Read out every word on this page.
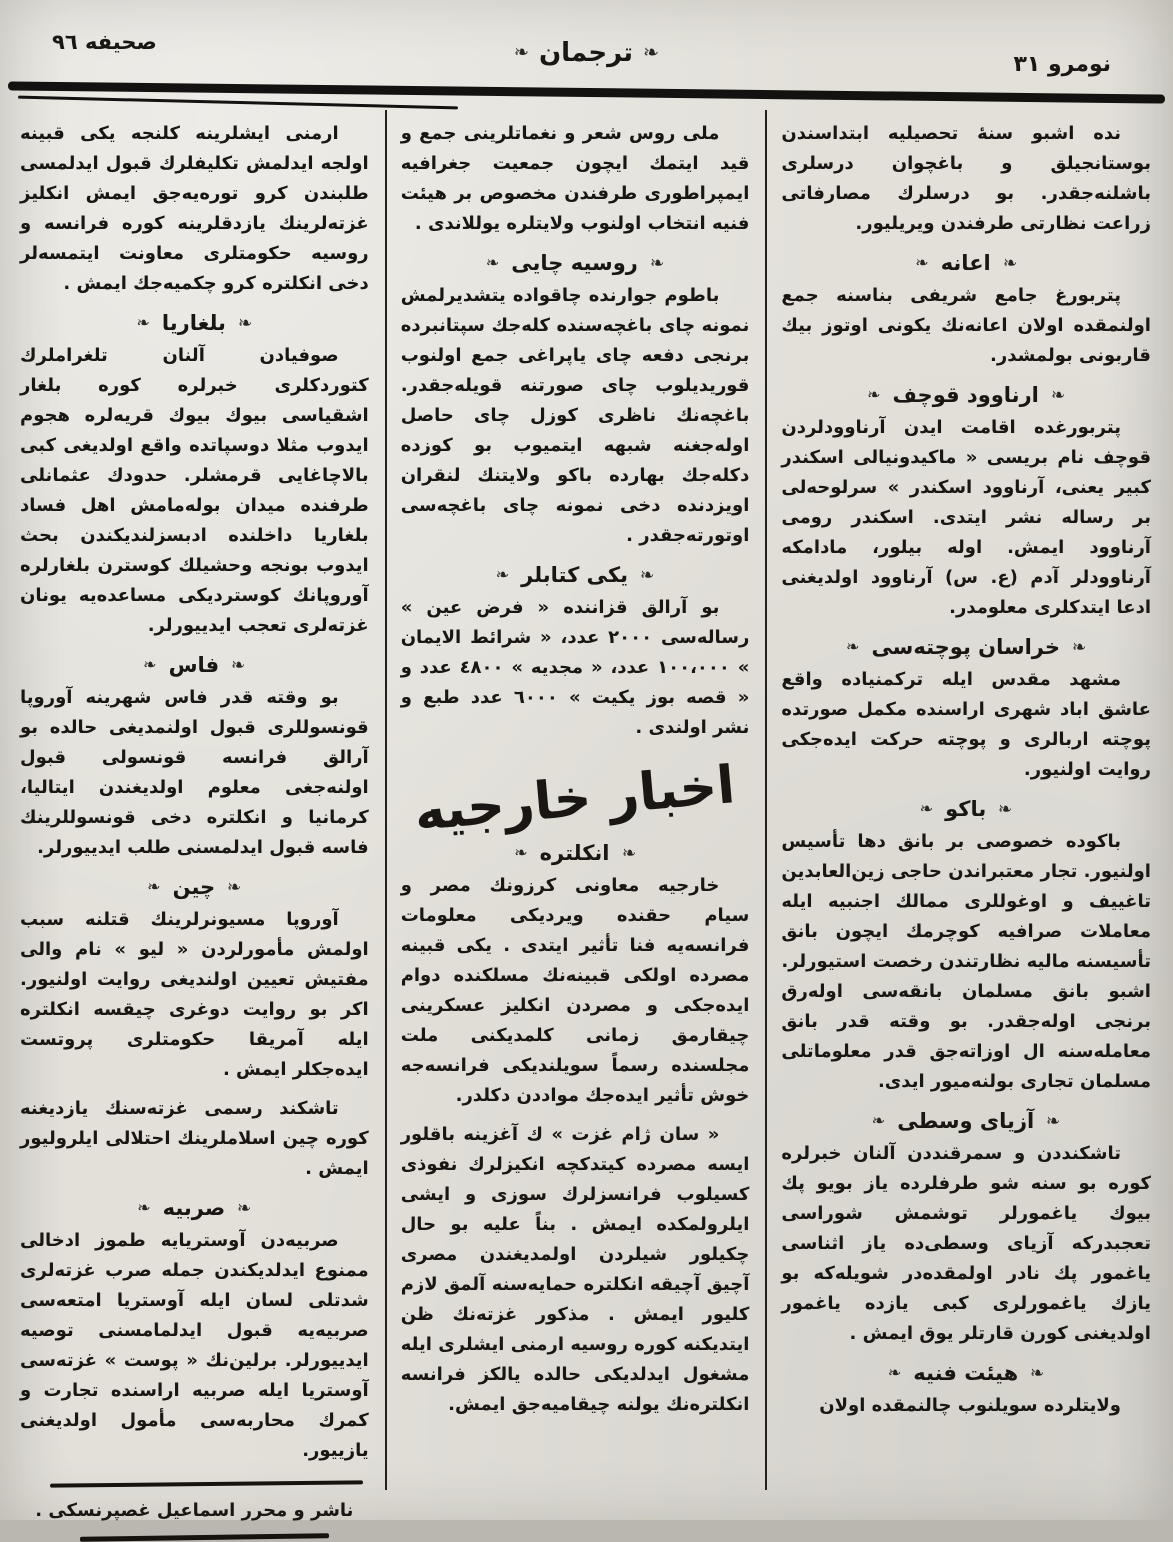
صحيفه ٩٦	☙
ترجمان
❧	نومرو ٣١

ارمنى ايشلرينه كلنجه يكى قبينه اولجه ايدلمش تكليفلرك قبول ايدلمسى طلبندن كرو توره‌يه‌جق ايمش انكليز غزته‌لرينك يازدقلرينه كوره فرانسه و روسيه حكومتلرى معاونت ايتمسه‌لر دخى انكلتره كرو چكميه‌جك ايمش .

☙
بلغاريا
❧

صوفيادن آلنان تلغراملرك كتوردكلرى خبرلره كوره بلغار اشقياسى بيوك بيوك قريه‌لره هجوم ايدوب مثلا دوسپاتده واقع اولديغى كبى بالاچاغايى قرمشلر. حدودك عثمانلى طرفنده ميدان بوله‌مامش اهل فساد بلغاريا داخلنده ادبسزلنديكندن بحث ايدوب بونجه وحشيلك كوسترن بلغارلره آوروپانك كوسترديكى مساعده‌يه يونان غزته‌لرى تعجب ايدييورلر.

☙
فاس
❧

بو وقته قدر فاس شهرينه آوروپا قونسوللرى قبول اولنمديغى حالده بو آرالق فرانسه قونسولى قبول اولنه‌جغى معلوم اولديغندن ايتاليا، كرمانيا و انكلتره دخى قونسوللرينك فاسه قبول ايدلمسنى طلب ايدييورلر.

☙
چين
❧

آوروپا مسيونرلرينك قتلنه سبب اولمش مأمورلردن « ليو » نام والى مفتيش تعيين اولنديغى روايت اولنيور. اكر بو روايت دوغرى چيقسه انكلتره ايله آمريقا حكومتلرى پروتست ايده‌جكلر ايمش .

تاشكند رسمى غزته‌سنك يازديغنه كوره چين اسلاملرينك احتلالى ايلروليور ايمش .

☙
صربيه
❧

صربيه‌دن آوستريايه طموز ادخالى ممنوع ايدلديكندن جمله صرب غزته‌لرى شدتلى لسان ايله آوستريا امتعه‌سى صربيه‌يه قبول ايدلمامسنى توصيه ايدييورلر. برلين‌نك « پوست » غزته‌سى آوستريا ايله صربيه اراسنده تجارت و كمرك محاربه‌سى مأمول اولديغنى يازييور.

ناشر و محرر اسماعيل غصپرنسكى .

ملى روس شعر و نغماتلرينى جمع و قيد ايتمك ايچون جمعيت جغرافيه ايمپراطورى طرفندن مخصوص بر هيئت فنيه انتخاب اولنوب ولايتلره يوللاندى .

☙
روسيه چايى
❧

باطوم جوارنده چاقواده يتشديرلمش نمونه چاى باغچه‌سنده كله‌جك سپتانبرده برنجى دفعه چاى ياپراغى جمع اولنوب قوريديلوب چاى صورتنه قويله‌جقدر. باغچه‌نك ناظرى كوزل چاى حاصل اوله‌جغنه شبهه ايتميوب بو كوزده دكله‌جك بهارده باكو ولايتنك لنقران اويزدنده دخى نمونه چاى باغچه‌سى اوتورته‌جقدر .

☙
يكى كتابلر
❧

بو آرالق قزاننده « فرض عين » رساله‌سى ٢٠٠٠ عدد، « شرائط الايمان » ١٠٠،٠٠٠ عدد، « مجديه » ٤٨٠٠ عدد و « قصه بوز يكيت » ٦٠٠٠ عدد طبع و نشر اولندى .

اخبار خارجيه
☙
انكلتره
❧

خارجيه معاونى كرزونك مصر و سيام حقنده ويرديكى معلومات فرانسه‌يه فنا تأثير ايتدى . يكى قبينه مصرده اولكى قبينه‌نك مسلكنده دوام ايده‌جكى و مصردن انكليز عسكرينى چيقارمق زمانى كلمديكنى ملت مجلسنده رسماً سويلنديكى فرانسه‌جه خوش تأثير ايده‌جك مواددن دكلدر.

« سان ژام غزت » ك آغزينه باقلور ايسه مصرده كيتدكچه انكيزلرك نفوذى كسيلوب فرانسزلرك سوزى و ايشى ايلرولمكده ايمش . بناً عليه بو حال چكيلور شيلردن اولمديغندن مصرى آچيق آچيقه انكلتره حمايه‌سنه آلمق لازم كليور ايمش . مذكور غزته‌نك ظن ايتديكنه كوره روسيه ارمنى ايشلرى ايله مشغول ايدلديكى حالده يالكز فرانسه انكلتره‌نك يولنه چيقاميه‌جق ايمش.

نده اشبو سنهٔ تحصيليه ابتداسندن بوستانجيلق و باغچوان درسلرى باشلنه‌جقدر. بو درسلرك مصارفاتى زراعت نظارتى طرفندن ويريليور.

☙
اعانه
❧

پتربورغ جامع شريفى بناسنه جمع اولنمقده اولان اعانه‌نك يكونى اوتوز بيك قاربونى بولمشدر.

☙
ارناوود قوچف
❧

پتربورغده اقامت ايدن آرناوودلردن قوچف نام بريسى « ماكيدونيالى اسكندر كبير يعنى، آرناوود اسكندر » سرلوحه‌لى بر رساله نشر ايتدى. اسكندر رومى آرناوود ايمش. اوله بيلور، مادامكه آرناوودلر آدم (ع. س) آرناوود اولديغنى ادعا ايتدكلرى معلومدر.

☙
خراسان پوچته‌سى
❧

مشهد مقدس ايله تركمنياده واقع عاشق اباد شهرى اراسنده مكمل صورتده پوچته اربالرى و پوچته حركت ايده‌جكى روايت اولنيور.

☙
باكو
❧

باكوده خصوصى بر بانق دها تأسيس اولنيور. تجار معتبراندن حاجى زين‌العابدين تاغييف و اوغوللرى ممالك اجنبيه ايله معاملات صرافيه كوچرمك ايچون بانق تأسيسنه ماليه نظارتندن رخصت استيورلر. اشبو بانق مسلمان بانقه‌سى اوله‌رق برنجى اوله‌جقدر. بو وقته قدر بانق معامله‌سنه ال اوزاته‌جق قدر معلوماتلى مسلمان تجارى بولنه‌ميور ايدى.

☙
آزياى وسطى
❧

تاشكنددن و سمرقنددن آلنان خبرلره كوره بو سنه شو طرفلرده ياز بويو پك بيوك ياغمورلر توشمش شوراسى تعجبدركه آزياى وسطى‌ده ياز اثناسى ياغمور پك نادر اولمقده‌در شويله‌كه بو يازك ياغمورلرى كبى يازده ياغمور اولديغنى كورن قارتلر يوق ايمش .

☙
هيئت فنيه
❧

ولايتلرده سويلنوب چالنمقده اولان
